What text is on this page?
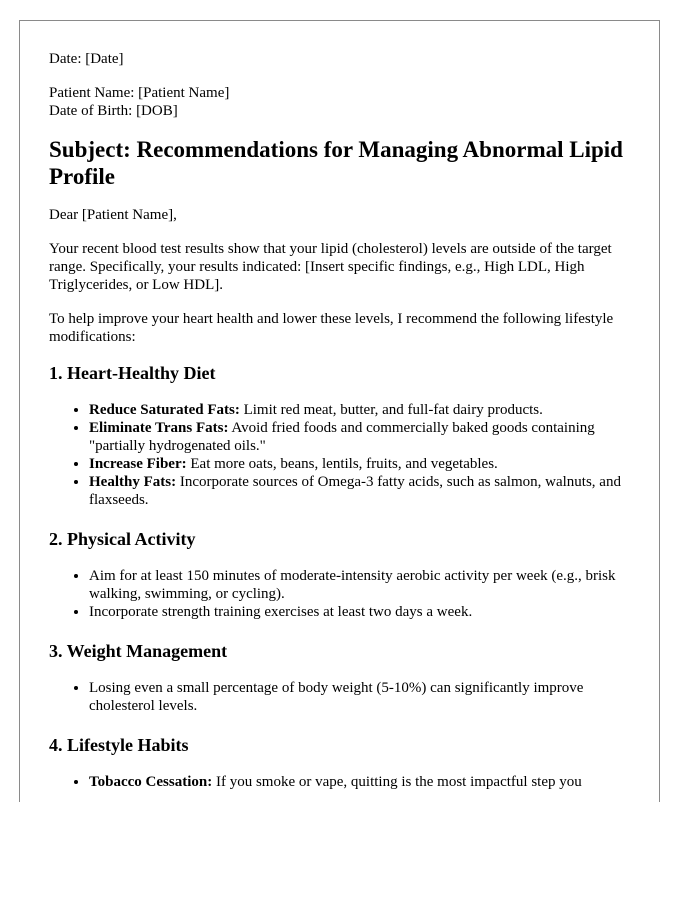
Date: [Date]

Patient Name: [Patient Name]

Date of Birth: [DOB]

Subject: Recommendations for Managing Abnormal Lipid Profile

Dear [Patient Name],

Your recent blood test results show that your lipid (cholesterol) levels are outside of the target range. Specifically, your results indicated: [Insert specific findings, e.g., High LDL, High Triglycerides, or Low HDL].

To help improve your heart health and lower these levels, I recommend the following lifestyle modifications:

1. Heart-Healthy Diet
• Reduce Saturated Fats: Limit red meat, butter, and full-fat dairy products.
• Eliminate Trans Fats: Avoid fried foods and commercially baked goods containing "partially hydrogenated oils."
• Increase Fiber: Eat more oats, beans, lentils, fruits, and vegetables.
• Healthy Fats: Incorporate sources of Omega-3 fatty acids, such as salmon, walnuts, and flaxseeds.
2. Physical Activity
• Aim for at least 150 minutes of moderate-intensity aerobic activity per week (e.g., brisk walking, swimming, or cycling).
• Incorporate strength training exercises at least two days a week.
3. Weight Management
• Losing even a small percentage of body weight (5-10%) can significantly improve cholesterol levels.
4. Lifestyle Habits
• Tobacco Cessation: If you smoke or vape, quitting is the most impactful step you
